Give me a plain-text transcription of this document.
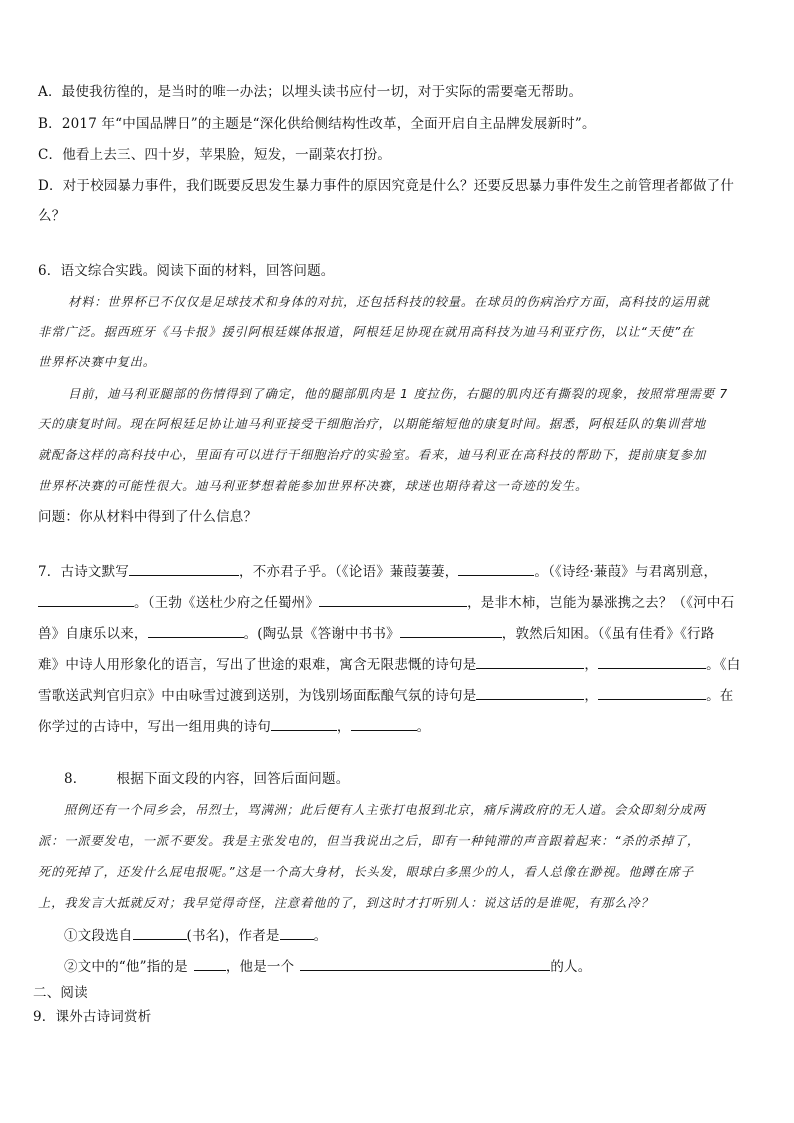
A．最使我彷徨的，是当时的唯一办法；以埋头读书应付一切，对于实际的需要毫无帮助。
B．2017 年“中国品牌日”的主题是“深化供给侧结构性改革，全面开启自主品牌发展新时”。
C．他看上去三、四十岁，苹果脸，短发，一副菜农打扮。
D．对于校园暴力事件，我们既要反思发生暴力事件的原因究竟是什么？还要反思暴力事件发生之前管理者都做了什
么？
6．语文综合实践。阅读下面的材料，回答问题。
材料：世界杯已不仅仅是足球技术和身体的对抗，还包括科技的较量。在球员的伤病治疗方面，高科技的运用就
非常广泛。据西班牙《马卡报》援引阿根廷媒体报道，阿根廷足协现在就用高科技为迪马利亚疗伤，以让“天使”在
世界杯决赛中复出。
目前，迪马利亚腿部的伤情得到了确定，他的腿部肌肉是 1 度拉伤，右腿的肌肉还有撕裂的现象，按照常理需要 7
天的康复时间。现在阿根廷足协让迪马利亚接受干细胞治疗，以期能缩短他的康复时间。据悉，阿根廷队的集训营地
就配备这样的高科技中心，里面有可以进行干细胞治疗的实验室。看来，迪马利亚在高科技的帮助下，提前康复参加
世界杯决赛的可能性很大。迪马利亚梦想着能参加世界杯决赛，球迷也期待着这一奇迹的发生。
问题：你从材料中得到了什么信息？
7．古诗文默写	，不亦君子乎。（《论语》蒹葭萋萋，	。（《诗经·蒹葭》与君离别意，
。（王勃《送杜少府之任蜀州》	，是非木柿，岂能为暴涨携之去？（《河中石
兽》自康乐以来，	。(陶弘景《答谢中书书》	，敦然后知困。（《虽有佳肴》《行路
难》中诗人用形象化的语言，写出了世途的艰难，寓含无限悲慨的诗句是	，	。《白
雪歌送武判官归京》中由咏雪过渡到送别，为饯别场面酝酿气氛的诗句是	，	。在
你学过的古诗中，写出一组用典的诗句	，	。
8． 根据下面文段的内容，回答后面问题。
照例还有一个同乡会，吊烈士，骂满洲；此后便有人主张打电报到北京，痛斥满政府的无人道。会众即刻分成两
派：一派要发电，一派不要发。我是主张发电的，但当我说出之后，即有一种钝滞的声音跟着起来：“杀的杀掉了，
死的死掉了，还发什么屁电报呢。”这是一个高大身材，长头发，眼球白多黑少的人，看人总像在渺视。他蹲在席子
上，我发言大抵就反对；我早觉得奇怪，注意着他的了，到这时才打听别人：说这话的是谁呢，有那么冷？
①文段选自	(书名)，作者是	。
②文中的“他”指的是	，他是一个	的人。
二、阅读
9．课外古诗词赏析
